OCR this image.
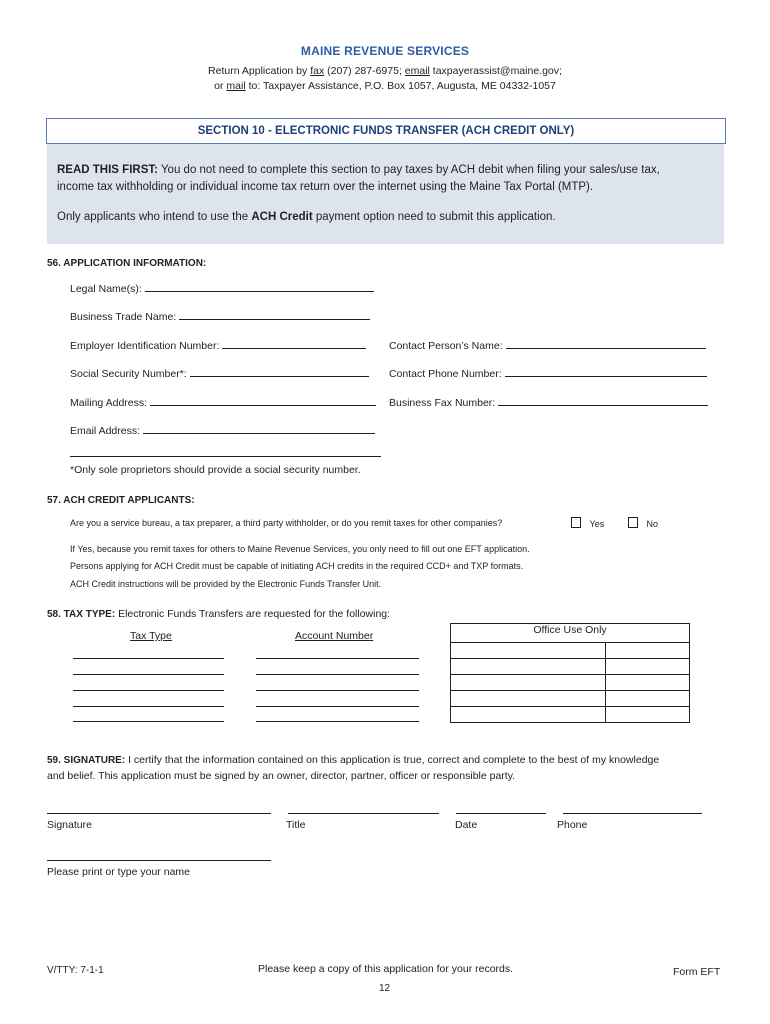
MAINE REVENUE SERVICES
Return Application by fax (207) 287-6975; email taxpayerassist@maine.gov;
or mail to: Taxpayer Assistance, P.O. Box 1057, Augusta, ME 04332-1057
SECTION 10 - ELECTRONIC FUNDS TRANSFER (ACH CREDIT ONLY)
READ THIS FIRST: You do not need to complete this section to pay taxes by ACH debit when filing your sales/use tax,
income tax withholding or individual income tax return over the internet using the Maine Tax Portal (MTP).
Only applicants who intend to use the ACH Credit payment option need to submit this application.
56. APPLICATION INFORMATION:
Legal Name(s):
Business Trade Name:
Employer Identification Number:	Contact Person’s Name:
Social Security Number*:	Contact Phone Number:
Mailing Address:	Business Fax Number:
Email Address:
*Only sole proprietors should provide a social security number.
57. ACH CREDIT APPLICANTS:
Are you a service bureau, a tax preparer, a third party withholder, or do you remit taxes for other companies?	Yes	No
If Yes, because you remit taxes for others to Maine Revenue Services, you only need to fill out one EFT application.
Persons applying for ACH Credit must be capable of initiating ACH credits in the required CCD+ and TXP formats.
ACH Credit instructions will be provided by the Electronic Funds Transfer Unit.
58. TAX TYPE: Electronic Funds Transfers are requested for the following:
Tax Type	Account Number	Office Use Only	

59. SIGNATURE: I certify that the information contained on this application is true, correct and complete to the best of my knowledge
and belief. This application must be signed by an owner, director, partner, officer or responsible party.
Signature	Title	Date	Phone
Please print or type your name
V/TTY: 7-1-1	Please keep a copy of this application for your records.	Form EFT
12
